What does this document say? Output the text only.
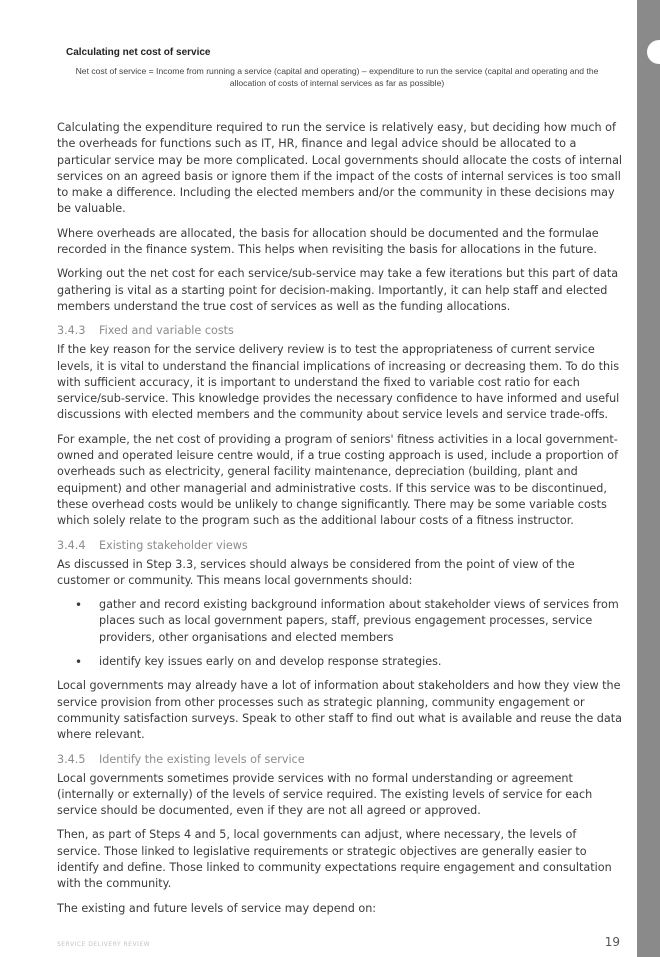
Calculating net cost of service

Net cost of service = Income from running a service (capital and operating) – expenditure to run the service (capital and operating and the allocation of costs of internal services as far as possible)

Calculating the expenditure required to run the service is relatively easy, but deciding how much of the overheads for functions such as IT, HR, finance and legal advice should be allocated to a particular service may be more complicated. Local governments should allocate the costs of internal services on an agreed basis or ignore them if the impact of the costs of internal services is too small to make a difference. Including the elected members and/or the community in these decisions may be valuable.

Where overheads are allocated, the basis for allocation should be documented and the formulae recorded in the finance system. This helps when revisiting the basis for allocations in the future.

Working out the net cost for each service/sub-service may take a few iterations but this part of data gathering is vital as a starting point for decision-making. Importantly, it can help staff and elected members understand the true cost of services as well as the funding allocations.

3.4.3 Fixed and variable costs

If the key reason for the service delivery review is to test the appropriateness of current service levels, it is vital to understand the financial implications of increasing or decreasing them. To do this with sufficient accuracy, it is important to understand the fixed to variable cost ratio for each service/sub-service. This knowledge provides the necessary confidence to have informed and useful discussions with elected members and the community about service levels and service trade-offs.

For example, the net cost of providing a program of seniors' fitness activities in a local government-owned and operated leisure centre would, if a true costing approach is used, include a proportion of overheads such as electricity, general facility maintenance, depreciation (building, plant and equipment) and other managerial and administrative costs. If this service was to be discontinued, these overhead costs would be unlikely to change significantly. There may be some variable costs which solely relate to the program such as the additional labour costs of a fitness instructor.

3.4.4 Existing stakeholder views

As discussed in Step 3.3, services should always be considered from the point of view of the customer or community. This means local governments should:

• gather and record existing background information about stakeholder views of services from places such as local government papers, staff, previous engagement processes, service providers, other organisations and elected members
• identify key issues early on and develop response strategies.

Local governments may already have a lot of information about stakeholders and how they view the service provision from other processes such as strategic planning, community engagement or community satisfaction surveys. Speak to other staff to find out what is available and reuse the data where relevant.

3.4.5 Identify the existing levels of service

Local governments sometimes provide services with no formal understanding or agreement (internally or externally) of the levels of service required. The existing levels of service for each service should be documented, even if they are not all agreed or approved.

Then, as part of Steps 4 and 5, local governments can adjust, where necessary, the levels of service. Those linked to legislative requirements or strategic objectives are generally easier to identify and define. Those linked to community expectations require engagement and consultation with the community.

The existing and future levels of service may depend on:

SERVICE DELIVERY REVIEW	19
